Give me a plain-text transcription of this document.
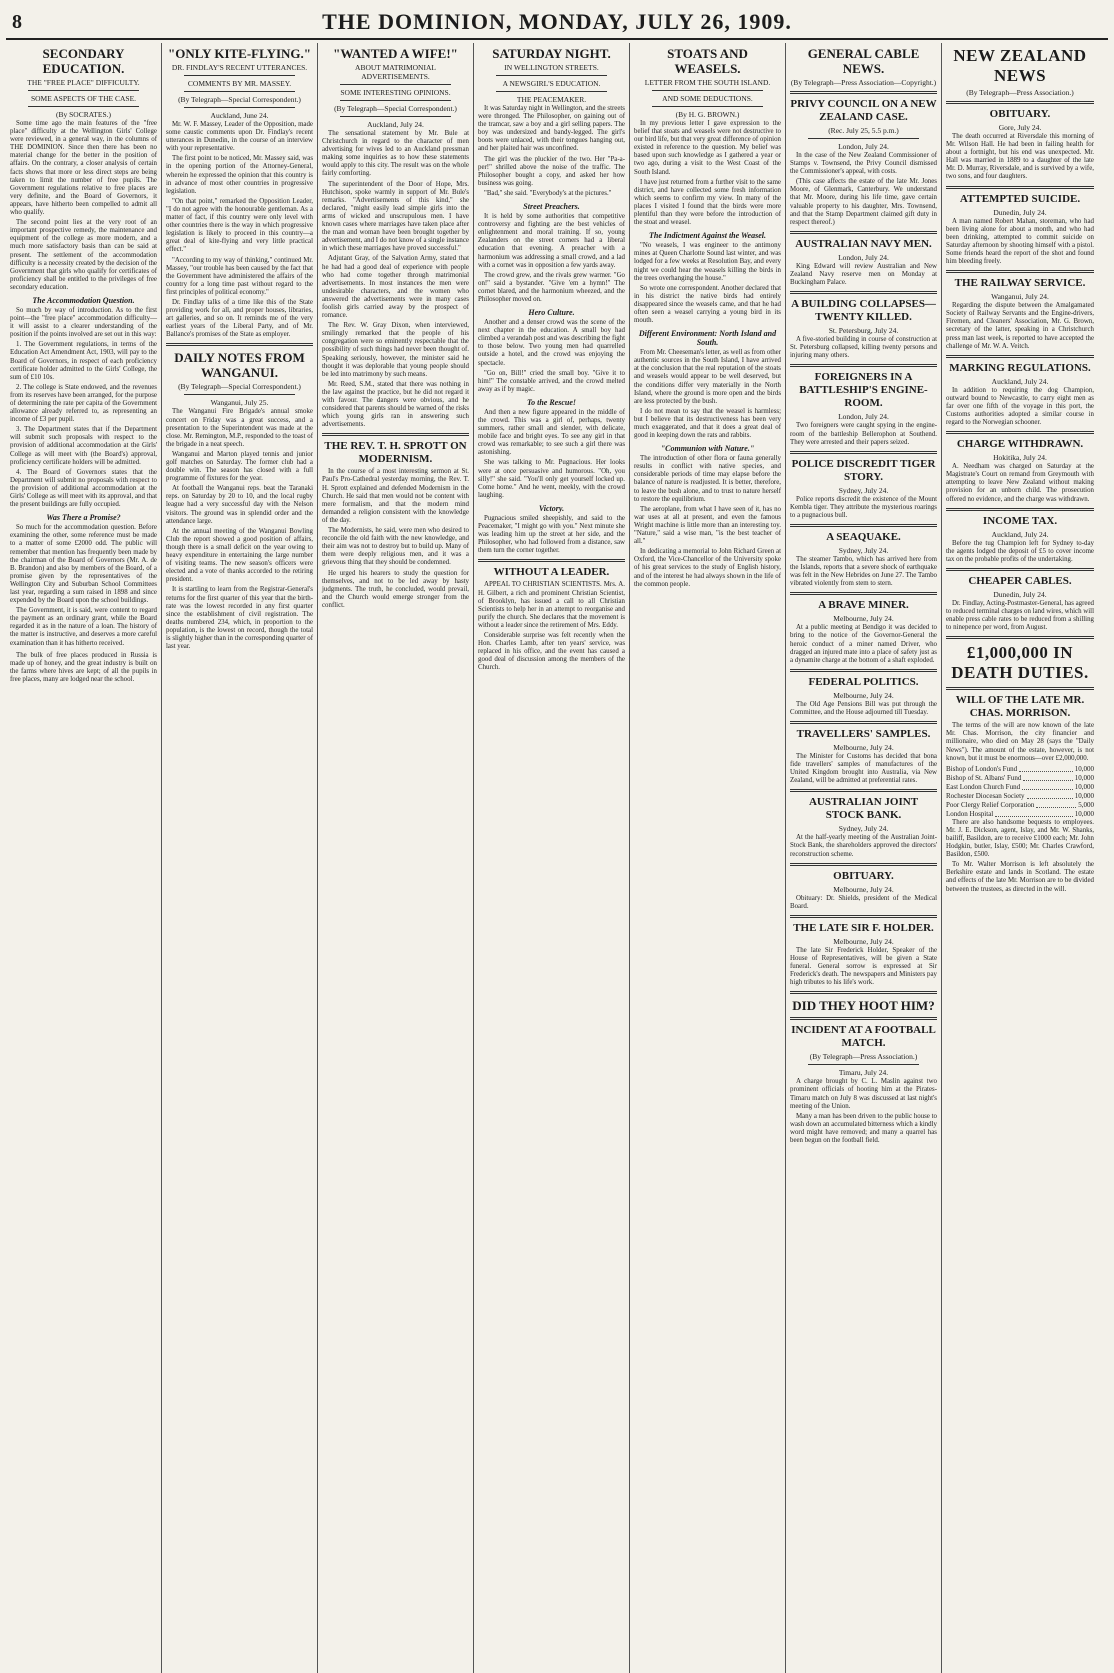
8	THE DOMINION, MONDAY, JULY 26, 1909.
SECONDARY EDUCATION.
THE "FREE PLACE" DIFFICULTY.
SOME ASPECTS OF THE CASE.
(By SOCRATES.)

Some time ago the main features of the "free place" difficulty at the Wellington Girls' College were reviewed, in a general way, in the columns of THE DOMINION. Since then there has been no material change for the better in the position of affairs. On the contrary, a closer analysis of certain facts shows that more or less direct steps are being taken to limit the number of free pupils. The Government regulations relative to free places are very definite, and the Board of Governors, it appears, have hitherto been compelled to admit all who qualify.

The second point lies at the very root of an important prospective remedy, the maintenance and equipment of the college as more modern, and a much more satisfactory basis than can be said at present. The settlement of the accommodation difficulty is a necessity created by the decision of the Government that girls who qualify for certificates of proficiency shall be entitled to the privileges of free secondary education.

The Accommodation Question.

So much by way of introduction. As to the first point—the "free place" accommodation difficulty—it will assist to a clearer understanding of the position if the points involved are set out in this way:

1. The Government regulations, in terms of the Education Act Amendment Act, 1903, will pay to the Board of Governors, in respect of each proficiency certificate holder admitted to the Girls' College, the sum of £10 10s.

2. The college is State endowed, and the revenues from its reserves have been arranged, for the purpose of determining the rate per capita of the Government allowance already referred to, as representing an income of £3 per pupil.

3. The Department states that if the Department will submit such proposals with respect to the provision of additional accommodation at the Girls' College as will meet with (the Board's) approval, proficiency certificate holders will be admitted.

4. The Board of Governors states that the Department will submit no proposals with respect to the provision of additional accommodation at the Girls' College as will meet with its approval, and that the present buildings are fully occupied.

Was There a Promise?

So much for the accommodation question. Before examining the other, some reference must be made to a matter of some £2000 odd. The public will remember that mention has frequently been made by the chairman of the Board of Governors (Mr. A. de B. Brandon) and also by members of the Board, of a promise given by the representatives of the Wellington City and Suburban School Committees last year, regarding a sum raised in 1898 and since expended by the Board upon the school buildings.

The Government, it is said, were content to regard the payment as an ordinary grant, while the Board regarded it as in the nature of a loan. The history of the matter is instructive, and deserves a more careful examination than it has hitherto received.

The bulk of free places produced in Russia is made up of honey, and the great industry is built on the farms where hives are kept; of all the pupils in free places, many are lodged near the school.

"ONLY KITE-FLYING."
DR. FINDLAY'S RECENT UTTERANCES.
COMMENTS BY MR. MASSEY.
(By Telegraph—Special Correspondent.)
Auckland, June 24.

Mr. W. F. Massey, Leader of the Opposition, made some caustic comments upon Dr. Findlay's recent utterances in Dunedin, in the course of an interview with your representative.

The first point to be noticed, Mr. Massey said, was in the opening portion of the Attorney-General, wherein he expressed the opinion that this country is in advance of most other countries in progressive legislation.

"On that point," remarked the Opposition Leader, "I do not agree with the honourable gentleman. As a matter of fact, if this country were only level with other countries there is the way in which progressive legislation is likely to proceed in this country—a great deal of kite-flying and very little practical effect."

"According to my way of thinking," continued Mr. Massey, "our trouble has been caused by the fact that the Government have administered the affairs of the country for a long time past without regard to the first principles of political economy."

Dr. Findlay talks of a time like this of the State providing work for all, and proper houses, libraries, art galleries, and so on. It reminds me of the very earliest years of the Liberal Party, and of Mr. Ballance's promises of the State as employer.

DAILY NOTES FROM WANGANUI.
(By Telegraph—Special Correspondent.)
Wanganui, July 25.

The Wanganui Fire Brigade's annual smoke concert on Friday was a great success, and a presentation to the Superintendent was made at the close. Mr. Remington, M.P., responded to the toast of the brigade in a neat speech.

Wanganui and Marton played tennis and junior golf matches on Saturday. The former club had a double win. The season has closed with a full programme of fixtures for the year.

At football the Wanganui reps. beat the Taranaki reps. on Saturday by 20 to 10, and the local rugby league had a very successful day with the Nelson visitors. The ground was in splendid order and the attendance large.

At the annual meeting of the Wanganui Bowling Club the report showed a good position of affairs, though there is a small deficit on the year owing to heavy expenditure in entertaining the large number of visiting teams. The new season's officers were elected and a vote of thanks accorded to the retiring president.

It is startling to learn from the Registrar-General's returns for the first quarter of this year that the birth-rate was the lowest recorded in any first quarter since the establishment of civil registration. The deaths numbered 234, which, in proportion to the population, is the lowest on record, though the total is slightly higher than in the corresponding quarter of last year.

"WANTED A WIFE!"
ABOUT MATRIMONIAL ADVERTISEMENTS.
SOME INTERESTING OPINIONS.
(By Telegraph—Special Correspondent.)
Auckland, July 24.

The sensational statement by Mr. Bule at Christchurch in regard to the character of men advertising for wives led to an Auckland pressman making some inquiries as to how these statements would apply to this city. The result was on the whole fairly comforting.

The superintendent of the Door of Hope, Mrs. Hutchison, spoke warmly in support of Mr. Bule's remarks. "Advertisements of this kind," she declared, "might easily lead simple girls into the arms of wicked and unscrupulous men. I have known cases where marriages have taken place after the man and woman have been brought together by advertisement, and I do not know of a single instance in which these marriages have proved successful."

Adjutant Gray, of the Salvation Army, stated that he had had a good deal of experience with people who had come together through matrimonial advertisements. In most instances the men were undesirable characters, and the women who answered the advertisements were in many cases foolish girls carried away by the prospect of romance.

The Rev. W. Gray Dixon, when interviewed, smilingly remarked that the people of his congregation were so eminently respectable that the possibility of such things had never been thought of. Speaking seriously, however, the minister said he thought it was deplorable that young people should be led into matrimony by such means.

Mr. Reed, S.M., stated that there was nothing in the law against the practice, but he did not regard it with favour. The dangers were obvious, and he considered that parents should be warned of the risks which young girls ran in answering such advertisements.

THE REV. T. H. SPROTT ON MODERNISM.

In the course of a most interesting sermon at St. Paul's Pro-Cathedral yesterday morning, the Rev. T. H. Sprott explained and defended Modernism in the Church. He said that men would not be content with mere formalism, and that the modern mind demanded a religion consistent with the knowledge of the day.

The Modernists, he said, were men who desired to reconcile the old faith with the new knowledge, and their aim was not to destroy but to build up. Many of them were deeply religious men, and it was a grievous thing that they should be condemned.

He urged his hearers to study the question for themselves, and not to be led away by hasty judgments. The truth, he concluded, would prevail, and the Church would emerge stronger from the conflict.

SATURDAY NIGHT.
IN WELLINGTON STREETS.
A NEWSGIRL'S EDUCATION.
THE PEACEMAKER.

It was Saturday night in Wellington, and the streets were thronged. The Philosopher, on gaining out of the tramcar, saw a boy and a girl selling papers. The boy was undersized and bandy-legged. The girl's boots were unlaced, with their tongues hanging out, and her plaited hair was unconfined.

The girl was the pluckier of the two. Her "Pa-a-per!" shrilled above the noise of the traffic. The Philosopher bought a copy, and asked her how business was going.

"Bad," she said. "Everybody's at the pictures."

Street Preachers.

It is held by some authorities that competitive controversy and fighting are the best vehicles of enlightenment and moral training. If so, young Zealanders on the street corners had a liberal education that evening. A preacher with a harmonium was addressing a small crowd, and a lad with a cornet was in opposition a few yards away.

The crowd grew, and the rivals grew warmer. "Go on!" said a bystander. "Give 'em a hymn!" The cornet blared, and the harmonium wheezed, and the Philosopher moved on.

Hero Culture.

Another and a denser crowd was the scene of the next chapter in the education. A small boy had climbed a verandah post and was describing the fight to those below. Two young men had quarrelled outside a hotel, and the crowd was enjoying the spectacle.

"Go on, Bill!" cried the small boy. "Give it to him!" The constable arrived, and the crowd melted away as if by magic.

To the Rescue!

And then a new figure appeared in the middle of the crowd. This was a girl of, perhaps, twenty summers, rather small and slender, with delicate, mobile face and bright eyes. To see any girl in that crowd was remarkable; to see such a girl there was astonishing.

She was talking to Mr. Pugnacious. Her looks were at once persuasive and humorous. "Oh, you silly!" she said. "You'll only get yourself locked up. Come home." And he went, meekly, with the crowd laughing.

Victory.

Pugnacious smiled sheepishly, and said to the Peacemaker, "I might go with you." Next minute she was leading him up the street at her side, and the Philosopher, who had followed from a distance, saw them turn the corner together.

WITHOUT A LEADER.

APPEAL TO CHRISTIAN SCIENTISTS. Mrs. A. H. Gilbert, a rich and prominent Christian Scientist, of Brooklyn, has issued a call to all Christian Scientists to help her in an attempt to reorganise and purify the church. She declares that the movement is without a leader since the retirement of Mrs. Eddy.

Considerable surprise was felt recently when the Hon. Charles Lamb, after ten years' service, was replaced in his office, and the event has caused a good deal of discussion among the members of the Church.

STOATS AND WEASELS.
LETTER FROM THE SOUTH ISLAND.
AND SOME DEDUCTIONS.
(By H. G. BROWN.)

In my previous letter I gave expression to the belief that stoats and weasels were not destructive to our bird life, but that very great difference of opinion existed in reference to the question. My belief was based upon such knowledge as I gathered a year or two ago, during a visit to the West Coast of the South Island.

I have just returned from a further visit to the same district, and have collected some fresh information which seems to confirm my view. In many of the places I visited I found that the birds were more plentiful than they were before the introduction of the stoat and weasel.

The Indictment Against the Weasel.

"No weasels, I was engineer to the antimony mines at Queen Charlotte Sound last winter, and was lodged for a few weeks at Resolution Bay, and every night we could hear the weasels killing the birds in the trees overhanging the house."

So wrote one correspondent. Another declared that in his district the native birds had entirely disappeared since the weasels came, and that he had often seen a weasel carrying a young bird in its mouth.

Different Environment: North Island and South.

From Mr. Cheeseman's letter, as well as from other authentic sources in the South Island, I have arrived at the conclusion that the real reputation of the stoats and weasels would appear to be well deserved, but the conditions differ very materially in the North Island, where the ground is more open and the birds are less protected by the bush.

I do not mean to say that the weasel is harmless; but I believe that its destructiveness has been very much exaggerated, and that it does a great deal of good in keeping down the rats and rabbits.

"Communion with Nature."

The introduction of other flora or fauna generally results in conflict with native species, and considerable periods of time may elapse before the balance of nature is readjusted. It is better, therefore, to leave the bush alone, and to trust to nature herself to restore the equilibrium.

The aeroplane, from what I have seen of it, has no war uses at all at present, and even the famous Wright machine is little more than an interesting toy. "Nature," said a wise man, "is the best teacher of all."

In dedicating a memorial to John Richard Green at Oxford, the Vice-Chancellor of the University spoke of his great services to the study of English history, and of the interest he had always shown in the life of the common people.

GENERAL CABLE NEWS.
(By Telegraph—Press Association—Copyright.)
PRIVY COUNCIL ON A NEW ZEALAND CASE.
(Rec. July 25, 5.5 p.m.)
London, July 24.

In the case of the New Zealand Commissioner of Stamps v. Townsend, the Privy Council dismissed the Commissioner's appeal, with costs.

(This case affects the estate of the late Mr. Jones Moore, of Glenmark, Canterbury. We understand that Mr. Moore, during his life time, gave certain valuable property to his daughter, Mrs. Townsend, and that the Stamp Department claimed gift duty in respect thereof.)

AUSTRALIAN NAVY MEN.
London, July 24.

King Edward will review Australian and New Zealand Navy reserve men on Monday at Buckingham Palace.

A BUILDING COLLAPSES—TWENTY KILLED.
St. Petersburg, July 24.

A five-storied building in course of construction at St. Petersburg collapsed, killing twenty persons and injuring many others.

FOREIGNERS IN A BATTLESHIP'S ENGINE-ROOM.
London, July 24.

Two foreigners were caught spying in the engine-room of the battleship Bellerophon at Southend. They were arrested and their papers seized.

POLICE DISCREDIT TIGER STORY.
Sydney, July 24.

Police reports discredit the existence of the Mount Kembla tiger. They attribute the mysterious roarings to a pugnacious bull.

A SEAQUAKE.
Sydney, July 24.

The steamer Tambo, which has arrived here from the Islands, reports that a severe shock of earthquake was felt in the New Hebrides on June 27. The Tambo vibrated violently from stem to stern.

A BRAVE MINER.
Melbourne, July 24.

At a public meeting at Bendigo it was decided to bring to the notice of the Governor-General the heroic conduct of a miner named Driver, who dragged an injured mate into a place of safety just as a dynamite charge at the bottom of a shaft exploded.

FEDERAL POLITICS.
Melbourne, July 24.

The Old Age Pensions Bill was put through the Committee, and the House adjourned till Tuesday.

TRAVELLERS' SAMPLES.
Melbourne, July 24.

The Minister for Customs has decided that bona fide travellers' samples of manufactures of the United Kingdom brought into Australia, via New Zealand, will be admitted at preferential rates.

AUSTRALIAN JOINT STOCK BANK.
Sydney, July 24.

At the half-yearly meeting of the Australian Joint-Stock Bank, the shareholders approved the directors' reconstruction scheme.

OBITUARY.
Melbourne, July 24.

Obituary: Dr. Shields, president of the Medical Board.

THE LATE SIR F. HOLDER.
Melbourne, July 24.

The late Sir Frederick Holder, Speaker of the House of Representatives, will be given a State funeral. General sorrow is expressed at Sir Frederick's death. The newspapers and Ministers pay high tributes to his life's work.

DID THEY HOOT HIM?
INCIDENT AT A FOOTBALL MATCH.
(By Telegraph—Press Association.)
Timaru, July 24.

A charge brought by C. L. Maslin against two prominent officials of hooting him at the Pirates-Timaru match on July 8 was discussed at last night's meeting of the Union.

Many a man has been driven to the public house to wash down an accumulated bitterness which a kindly word might have removed; and many a quarrel has been begun on the football field.

NEW ZEALAND NEWS
(By Telegraph—Press Association.)
OBITUARY.
Gore, July 24.

The death occurred at Riversdale this morning of Mr. Wilson Hall. He had been in failing health for about a fortnight, but his end was unexpected. Mr. Hall was married in 1889 to a daughter of the late Mr. D. Murray, Riversdale, and is survived by a wife, two sons, and four daughters.

ATTEMPTED SUICIDE.
Dunedin, July 24.

A man named Robert Mahan, storeman, who had been living alone for about a month, and who had been drinking, attempted to commit suicide on Saturday afternoon by shooting himself with a pistol. Some friends heard the report of the shot and found him bleeding freely.

THE RAILWAY SERVICE.
Wanganui, July 24.

Regarding the dispute between the Amalgamated Society of Railway Servants and the Engine-drivers, Firemen, and Cleaners' Association, Mr. G. Brown, secretary of the latter, speaking in a Christchurch press man last week, is reported to have accepted the challenge of Mr. W. A. Veitch.

MARKING REGULATIONS.
Auckland, July 24.

In addition to requiring the dog Champion, outward bound to Newcastle, to carry eight men as far over one fifth of the voyage in this port, the Customs authorities adopted a similar course in regard to the Norwegian schooner.

CHARGE WITHDRAWN.
Hokitika, July 24.

A. Needham was charged on Saturday at the Magistrate's Court on remand from Greymouth with attempting to leave New Zealand without making provision for an unborn child. The prosecution offered no evidence, and the charge was withdrawn.

INCOME TAX.
Auckland, July 24.

Before the tug Champion left for Sydney to-day the agents lodged the deposit of £5 to cover income tax on the probable profits of the undertaking.

CHEAPER CABLES.
Dunedin, July 24.

Dr. Findlay, Acting-Postmaster-General, has agreed to reduced terminal charges on land wires, which will enable press cable rates to be reduced from a shilling to ninepence per word, from August.

£1,000,000 IN DEATH DUTIES.
WILL OF THE LATE MR. CHAS. MORRISON.

The terms of the will are now known of the late Mr. Chas. Morrison, the city financier and millionaire, who died on May 28 (says the "Daily News"). The amount of the estate, however, is not known, but it must be enormous—over £2,000,000.

Bishop of London's Fund	10,000
Bishop of St. Albans' Fund	10,000
East London Church Fund	10,000
Rochester Diocesan Society	10,000
Poor Clergy Relief Corporation	5,000
London Hospital	10,000

There are also handsome bequests to employees. Mr. J. E. Dickson, agent, Islay, and Mr. W. Shanks, bailiff, Basildon, are to receive £1000 each; Mr. John Hodgkin, butler, Islay, £500; Mr. Charles Crawford, Basildon, £500.

To Mr. Walter Morrison is left absolutely the Berkshire estate and lands in Scotland. The estate and effects of the late Mr. Morrison are to be divided between the trustees, as directed in the will.
